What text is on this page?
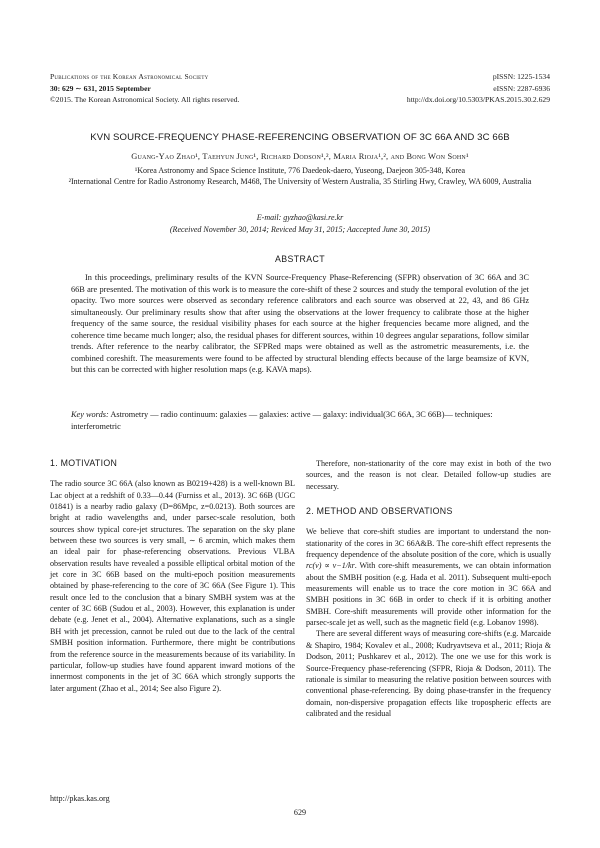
Publications of the Korean Astronomical Society
30: 629 ∼ 631, 2015 September
©2015. The Korean Astronomical Society. All rights reserved.
pISSN: 1225-1534
eISSN: 2287-6936
http://dx.doi.org/10.5303/PKAS.2015.30.2.629
KVN SOURCE-FREQUENCY PHASE-REFERENCING OBSERVATION OF 3C 66A AND 3C 66B
Guang-Yao Zhao¹, Taehyun Jung¹, Richard Dodson¹,², Maria Rioja¹,², and Bong Won Sohn¹
¹Korea Astronomy and Space Science Institute, 776 Daedeok-daero, Yuseong, Daejeon 305-348, Korea
²International Centre for Radio Astronomy Research, M468, The University of Western Australia, 35 Stirling Hwy, Crawley, WA 6009, Australia
E-mail: gyzhao@kasi.re.kr
(Received November 30, 2014; Reviced May 31, 2015; Aaccepted June 30, 2015)
ABSTRACT

In this proceedings, preliminary results of the KVN Source-Frequency Phase-Referencing (SFPR) observation of 3C 66A and 3C 66B are presented. The motivation of this work is to measure the core-shift of these 2 sources and study the temporal evolution of the jet opacity. Two more sources were observed as secondary reference calibrators and each source was observed at 22, 43, and 86 GHz simultaneously. Our preliminary results show that after using the observations at the lower frequency to calibrate those at the higher frequency of the same source, the residual visibility phases for each source at the higher frequencies became more aligned, and the coherence time became much longer; also, the residual phases for different sources, within 10 degrees angular separations, follow similar trends. After reference to the nearby calibrator, the SFPRed maps were obtained as well as the astrometric measurements, i.e. the combined coreshift. The measurements were found to be affected by structural blending effects because of the large beamsize of KVN, but this can be corrected with higher resolution maps (e.g. KAVA maps).

Key words: Astrometry — radio continuum: galaxies — galaxies: active — galaxy: individual(3C 66A, 3C 66B)— techniques: interferometric

1. MOTIVATION

The radio source 3C 66A (also known as B0219+428) is a well-known BL Lac object at a redshift of 0.33—0.44 (Furniss et al., 2013). 3C 66B (UGC 01841) is a nearby radio galaxy (D=86Mpc, z=0.0213). Both sources are bright at radio wavelengths and, under parsec-scale resolution, both sources show typical core-jet structures. The separation on the sky plane between these two sources is very small, ∼ 6 arcmin, which makes them an ideal pair for phase-referencing observations. Previous VLBA observation results have revealed a possible elliptical orbital motion of the jet core in 3C 66B based on the multi-epoch position measurements obtained by phase-referencing to the core of 3C 66A (See Figure 1). This result once led to the conclusion that a binary SMBH system was at the center of 3C 66B (Sudou et al., 2003). However, this explanation is under debate (e.g. Jenet et al., 2004). Alternative explanations, such as a single BH with jet precession, cannot be ruled out due to the lack of the central SMBH position information. Furthermore, there might be contributions from the reference source in the measurements because of its variability. In particular, follow-up studies have found apparent inward motions of the innermost components in the jet of 3C 66A which strongly supports the later argument (Zhao et al., 2014; See also Figure 2).

Therefore, non-stationarity of the core may exist in both of the two sources, and the reason is not clear. Detailed follow-up studies are necessary.

2. METHOD AND OBSERVATIONS

We believe that core-shift studies are important to understand the non-stationarity of the cores in 3C 66A&B. The core-shift effect represents the frequency dependence of the absolute position of the core, which is usually rc(ν) ∝ ν−1/kr. With core-shift measurements, we can obtain information about the SMBH position (e.g. Hada et al. 2011). Subsequent multi-epoch measurements will enable us to trace the core motion in 3C 66A and SMBH positions in 3C 66B in order to check if it is orbiting another SMBH. Core-shift measurements will provide other information for the parsec-scale jet as well, such as the magnetic field (e.g. Lobanov 1998).

There are several different ways of measuring core-shifts (e.g. Marcaide & Shapiro, 1984; Kovalev et al., 2008; Kudryavtseva et al., 2011; Rioja & Dodson, 2011; Pushkarev et al., 2012). The one we use for this work is Source-Frequency phase-referencing (SFPR, Rioja & Dodson, 2011). The rationale is similar to measuring the relative position between sources with conventional phase-referencing. By doing phase-transfer in the frequency domain, non-dispersive propagation effects like tropospheric effects are calibrated and the residual

http://pkas.kas.org
629
